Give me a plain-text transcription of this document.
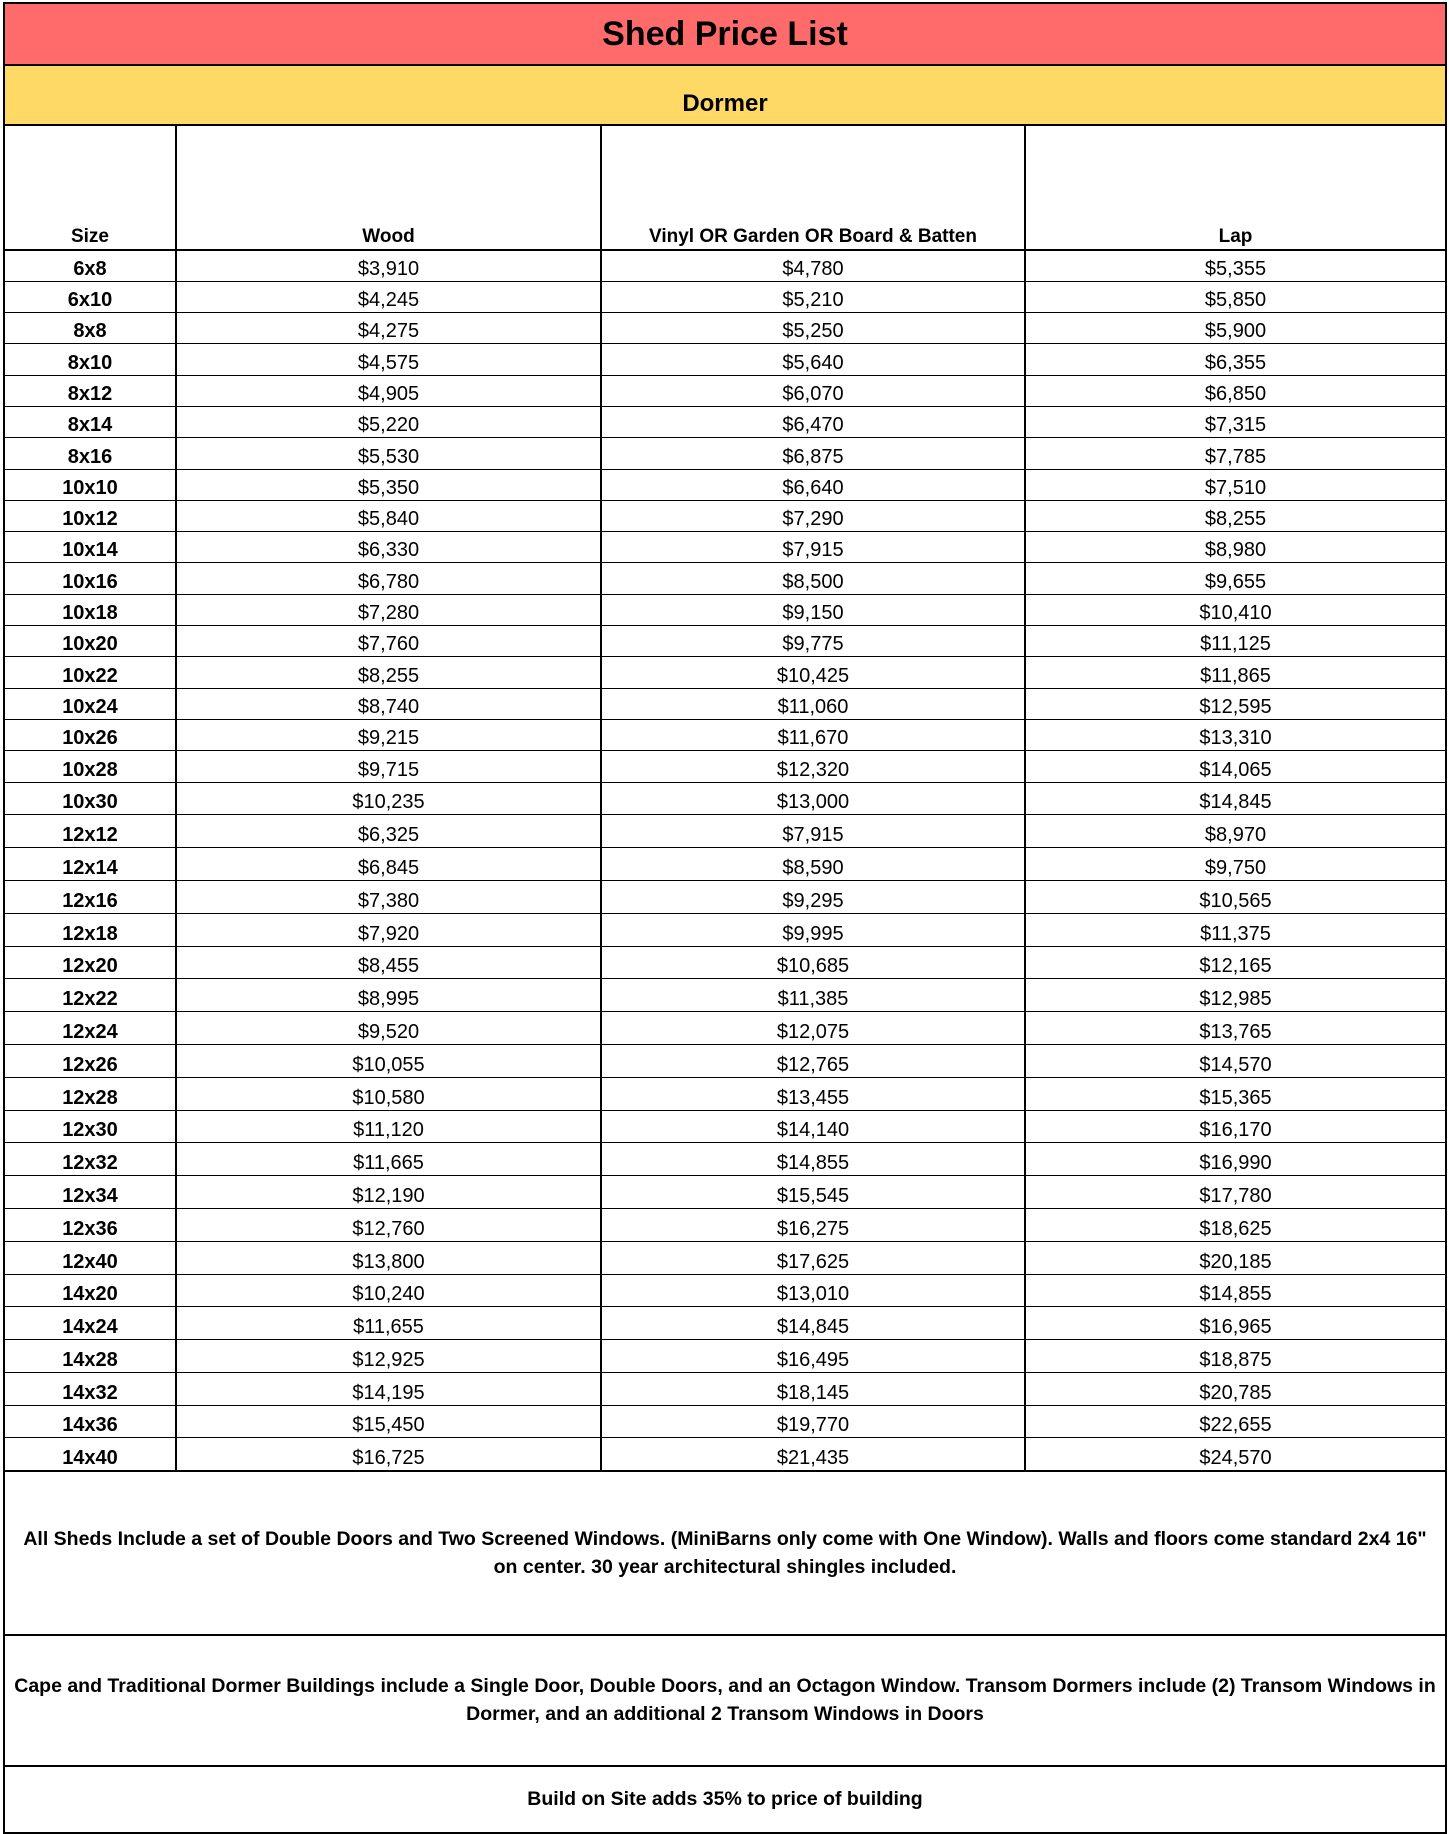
Shed Price List
Dormer
Size	Wood	Vinyl OR Garden OR Board & Batten	Lap
6x8	$3,910	$4,780	$5,355
6x10	$4,245	$5,210	$5,850
8x8	$4,275	$5,250	$5,900
8x10	$4,575	$5,640	$6,355
8x12	$4,905	$6,070	$6,850
8x14	$5,220	$6,470	$7,315
8x16	$5,530	$6,875	$7,785
10x10	$5,350	$6,640	$7,510
10x12	$5,840	$7,290	$8,255
10x14	$6,330	$7,915	$8,980
10x16	$6,780	$8,500	$9,655
10x18	$7,280	$9,150	$10,410
10x20	$7,760	$9,775	$11,125
10x22	$8,255	$10,425	$11,865
10x24	$8,740	$11,060	$12,595
10x26	$9,215	$11,670	$13,310
10x28	$9,715	$12,320	$14,065
10x30	$10,235	$13,000	$14,845
12x12	$6,325	$7,915	$8,970
12x14	$6,845	$8,590	$9,750
12x16	$7,380	$9,295	$10,565
12x18	$7,920	$9,995	$11,375
12x20	$8,455	$10,685	$12,165
12x22	$8,995	$11,385	$12,985
12x24	$9,520	$12,075	$13,765
12x26	$10,055	$12,765	$14,570
12x28	$10,580	$13,455	$15,365
12x30	$11,120	$14,140	$16,170
12x32	$11,665	$14,855	$16,990
12x34	$12,190	$15,545	$17,780
12x36	$12,760	$16,275	$18,625
12x40	$13,800	$17,625	$20,185
14x20	$10,240	$13,010	$14,855
14x24	$11,655	$14,845	$16,965
14x28	$12,925	$16,495	$18,875
14x32	$14,195	$18,145	$20,785
14x36	$15,450	$19,770	$22,655
14x40	$16,725	$21,435	$24,570
All Sheds Include a set of Double Doors and Two Screened Windows. (MiniBarns only come with One Window). Walls and floors come standard 2x4 16" on center. 30 year architectural shingles included.
Cape and Traditional Dormer Buildings include a Single Door, Double Doors, and an Octagon Window. Transom Dormers include (2) Transom Windows in Dormer, and an additional 2 Transom Windows in Doors
Build on Site adds 35% to price of building
